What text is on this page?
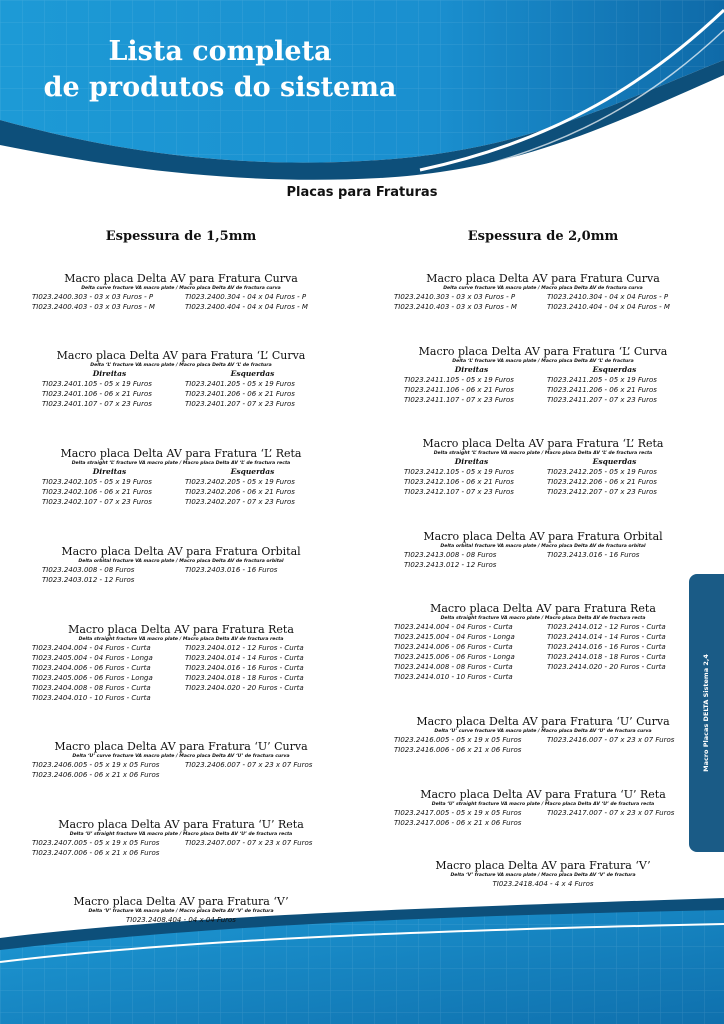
Lista completa
de produtos do sistema
Placas para Fraturas
Espessura de 1,5mm	Espessura de 2,0mm
Macro placa Delta AV para Fratura Curva
Delta curve fracture VA macro plate / Macro placa Delta AV de fractura curva
TI023.2400.303 - 03 x 03 Furos - P	TI023.2400.304 - 04 x 04 Furos - P
TI023.2400.403 - 03 x 03 Furos - M	TI023.2400.404 - 04 x 04 Furos - M
Macro placa Delta AV para Fratura ‘L’ Curva
Delta ‘L’ fracture VA macro plate / Macro placa Delta AV ‘L’ de fractura
Direitas	Esquerdas
TI023.2401.105 - 05 x 19 Furos	TI023.2401.205 - 05 x 19 Furos
TI023.2401.106 - 06 x 21 Furos	TI023.2401.206 - 06 x 21 Furos
TI023.2401.107 - 07 x 23 Furos	TI023.2401.207 - 07 x 23 Furos
Macro placa Delta AV para Fratura ‘L’ Reta
Delta straight ‘L’ fracture VA macro plate / Macro placa Delta AV ‘L’ de fractura recta
Direitas	Esquerdas
TI023.2402.105 - 05 x 19 Furos	TI023.2402.205 - 05 x 19 Furos
TI023.2402.106 - 06 x 21 Furos	TI023.2402.206 - 06 x 21 Furos
TI023.2402.107 - 07 x 23 Furos	TI023.2402.207 - 07 x 23 Furos
Macro placa Delta AV para Fratura Orbital
Delta orbital fracture VA macro plate / Macro placa Delta AV de fractura orbital
TI023.2403.008 - 08 Furos	TI023.2403.016 - 16 Furos
TI023.2403.012 - 12 Furos
Macro placa Delta AV para Fratura Reta
Delta straight fracture VA macro plate / Macro placa Delta AV de fractura recta
TI023.2404.004 - 04 Furos - Curta	TI023.2404.012 - 12 Furos - Curta
TI023.2405.004 - 04 Furos - Longa	TI023.2404.014 - 14 Furos - Curta
TI023.2404.006 - 06 Furos - Curta	TI023.2404.016 - 16 Furos - Curta
TI023.2405.006 - 06 Furos - Longa	TI023.2404.018 - 18 Furos - Curta
TI023.2404.008 - 08 Furos - Curta	TI023.2404.020 - 20 Furos - Curta
TI023.2404.010 - 10 Furos - Curta
Macro placa Delta AV para Fratura ‘U’ Curva
Delta ‘U’ curve fracture VA macro plate / Macro placa Delta AV ‘U’ de fractura curva
TI023.2406.005 - 05 x 19 x 05 Furos	TI023.2406.007 - 07 x 23 x 07 Furos
TI023.2406.006 - 06 x 21 x 06 Furos
Macro placa Delta AV para Fratura ‘U’ Reta
Delta ‘U’ straight fracture VA macro plate / Macro placa Delta AV ‘U’ de fractura recta
TI023.2407.005 - 05 x 19 x 05 Furos	TI023.2407.007 - 07 x 23 x 07 Furos
TI023.2407.006 - 06 x 21 x 06 Furos
Macro placa Delta AV para Fratura ‘V’
Delta ‘V’ fracture VA macro plate / Macro placa Delta AV ‘V’ de fractura
TI023.2408.404 - 04 x 04 Furos
Macro placa Delta AV para Fratura Curva
Delta curve fracture VA macro plate / Macro placa Delta AV de fractura curva
TI023.2410.303 - 03 x 03 Furos - P	TI023.2410.304 - 04 x 04 Furos - P
TI023.2410.403 - 03 x 03 Furos - M	TI023.2410.404 - 04 x 04 Furos - M
Macro placa Delta AV para Fratura ‘L’ Curva
Delta ‘L’ fracture VA macro plate / Macro placa Delta AV ‘L’ de fractura
Direitas	Esquerdas
TI023.2411.105 - 05 x 19 Furos	TI023.2411.205 - 05 x 19 Furos
TI023.2411.106 - 06 x 21 Furos	TI023.2411.206 - 06 x 21 Furos
TI023.2411.107 - 07 x 23 Furos	TI023.2411.207 - 07 x 23 Furos
Macro placa Delta AV para Fratura ‘L’ Reta
Delta straight ‘L’ fracture VA macro plate / Macro placa Delta AV ‘L’ de fractura recta
Direitas	Esquerdas
TI023.2412.105 - 05 x 19 Furos	TI023.2412.205 - 05 x 19 Furos
TI023.2412.106 - 06 x 21 Furos	TI023.2412.206 - 06 x 21 Furos
TI023.2412.107 - 07 x 23 Furos	TI023.2412.207 - 07 x 23 Furos
Macro placa Delta AV para Fratura Orbital
Delta orbital fracture VA macro plate / Macro placa Delta AV de fractura orbital
TI023.2413.008 - 08 Furos	TI023.2413.016 - 16 Furos
TI023.2413.012 - 12 Furos
Macro placa Delta AV para Fratura Reta
Delta straight fracture VA macro plate / Macro placa Delta AV de fractura recta
TI023.2414.004 - 04 Furos - Curta	TI023.2414.012 - 12 Furos - Curta
TI023.2415.004 - 04 Furos - Longa	TI023.2414.014 - 14 Furos - Curta
TI023.2414.006 - 06 Furos - Curta	TI023.2414.016 - 16 Furos - Curta
TI023.2415.006 - 06 Furos - Longa	TI023.2414.018 - 18 Furos - Curta
TI023.2414.008 - 08 Furos - Curta	TI023.2414.020 - 20 Furos - Curta
TI023.2414.010 - 10 Furos - Curta
Macro placa Delta AV para Fratura ‘U’ Curva
Delta ‘U’ curve fracture VA macro plate / Macro placa Delta AV ‘U’ de fractura curva
TI023.2416.005 - 05 x 19 x 05 Furos	TI023.2416.007 - 07 x 23 x 07 Furos
TI023.2416.006 - 06 x 21 x 06 Furos
Macro placa Delta AV para Fratura ‘U’ Reta
Delta ‘U’ straight fracture VA macro plate / Macro placa Delta AV ‘U’ de fractura recta
TI023.2417.005 - 05 x 19 x 05 Furos	TI023.2417.007 - 07 x 23 x 07 Furos
TI023.2417.006 - 06 x 21 x 06 Furos
Macro placa Delta AV para Fratura ‘V’
Delta ‘V’ fracture VA macro plate / Macro placa Delta AV ‘V’ de fractura
TI023.2418.404 - 4 x 4 Furos
Macro Placas DELTA Sistema 2,4
